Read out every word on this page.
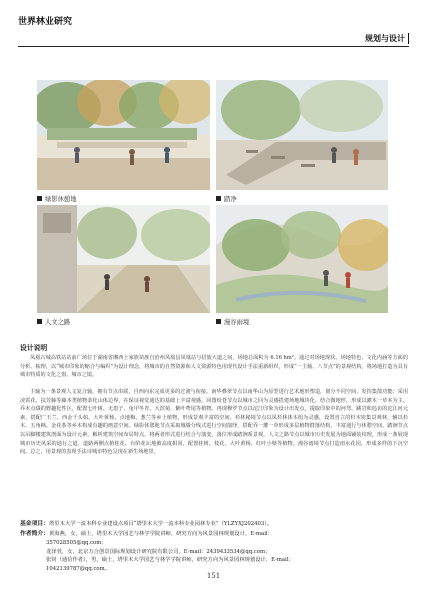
世界林业研究
规划与设计
绿影休憩地	踏净
人文之路	漫谷雨境
设计说明

凤凰古城高铁站站前广场位于湖南省湘西土家族苗族自治州凤凰县凤凰站与招旅大道之间，场地总面积为 6.16 hm²。通过对场地现状、场地特色、文化内涵等方面的分析、梳理，以“城市印象的缩合与编织”为设计理念，将城市的自然资源和人文资源特色用现代设计手法重新组织，形成“一主轴、八节点”的景观结构，将场地打造为具有城市特质的文化之窗、城市之镜。

主轴为一条景观人文复合轴，拥有节点串联，自西向东完成更多的过渡与衔接。南华叠翠节点以南华山为原型进行艺术地形塑造，划分不同空间，发挥集散功能；采用凌霄花、扶芳藤等藤本类植物柔化山体边界，在保证视觉通达的基础上丰富观感。回图纷苍节点以城市之回为灵感搭建场地城块化，结合微地形，形成以灌木一草本为主、乔木点缀的野趣化性区，配置七叶树、无患子、龟甲冬青、大滨菊、紫叶鸢尾等植物。再现穆罗节点以沱江印象为设计出发点，提取印象中的河弯、跳岩和追访的沱江河元素，搭配广玉兰、西金千头柏、大叶黄杨、点地梅、葱兰等乡土植物，形成景观丰富的空间。杉林秘境节点以凤杉林体木组为灵感，设置直立的杉木密集景观林，辅以杉木、五角枫、金花茶等乡木构成有趣的画意空间。绿影休憩地节点采取城墙分线式进行空间演绎，搭配乔一灌一草形成多层植物群落结构，丰富通行与休憩空间。踏涧节点以吊脚楼建筑剖面为设计元素，解析建筑空间布局特点，将两者形式进行结合与演变，落位形成踏涧系景观。人文之路节点以城市历史发展为地面铺装纹理，形成一条展现城市历史风采的通行之道，道路两侧点植桂花、台阶花坛地被高度相同，配置桂树、枝花、大叶黄杨、红叶小檗等植物。漫谷雨境节点打造雨水花园，形成多样的下沉空间。总之，用景观的表现手法诗城市特色呈现在新生场地里。

基金项目：塔里木大学一流本科专业建设点项目“塔里木大学一流本科专业园林专业”（YLZYXJ202403）。
作者简介：黄海燕，女，硕士，塔里木大学园艺与林学学院讲师，研究方向为风景园林规划设计，E-mail：
357028505@qq.com；
龙泽萱，女，北京万合创景国际规划设计研究院有限公司，E-mail：2439433534@qq.com；
张钊（通信作者），男，硕士，塔里木大学园艺与林学学院讲师，研究方向为风景园林规划设计，E-mail：
1042139787@qq.com。
151
